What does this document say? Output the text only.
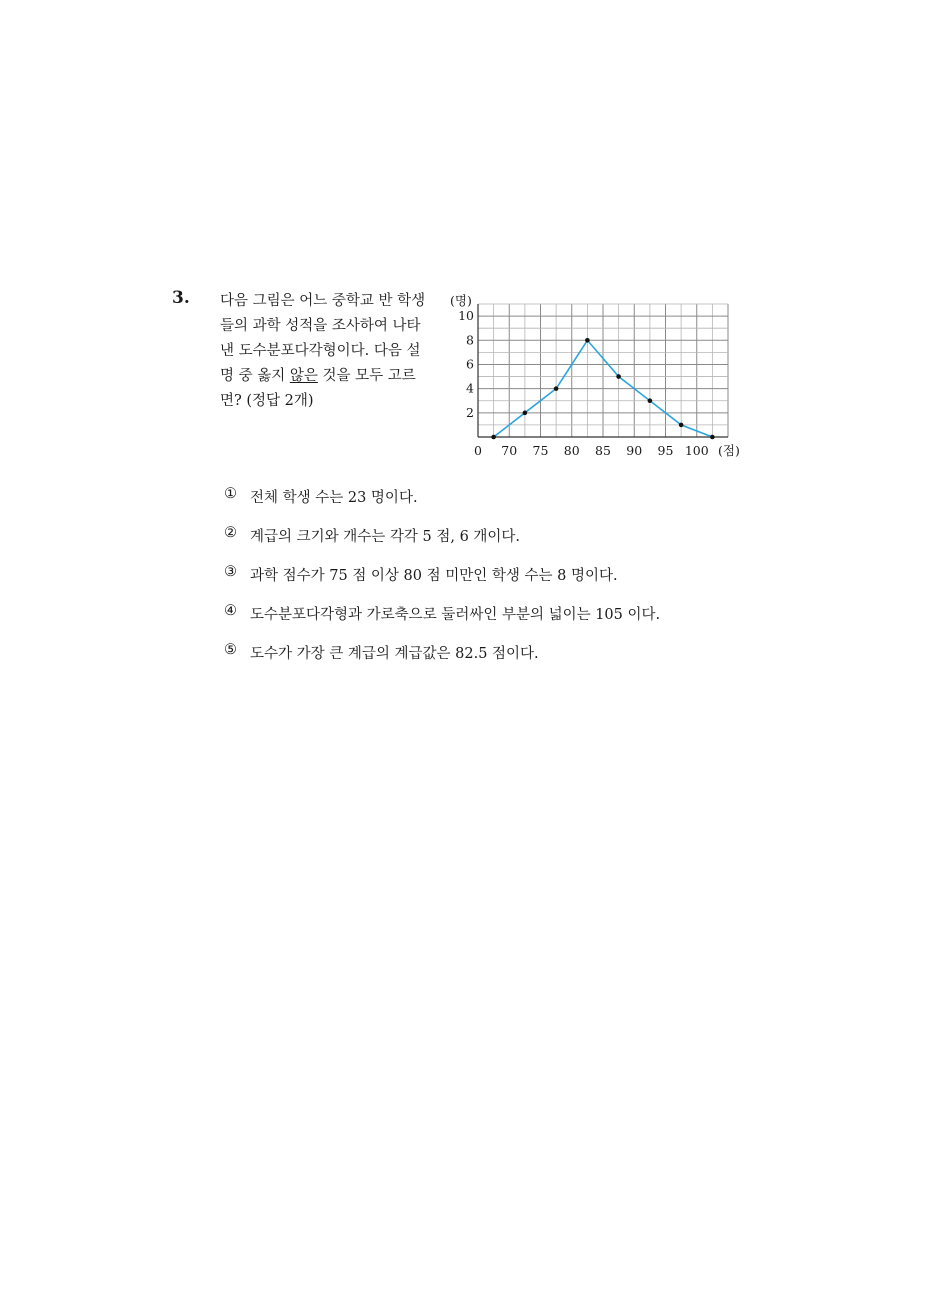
3. 다음 그림은 어느 중학교 반 학생
들의 과학 성적을 조사하여 나타
낸 도수분포다각형이다. 다음 설
명 중 옳지 않은 것을 모두 고르
면? (정답 2개)
(명)
(점)
0
2
4
6
8
10
70 75 80 85 90 95 100
① 전체 학생 수는 23 명이다.
② 계급의 크기와 개수는 각각 5 점, 6 개이다.
③ 과학 점수가 75 점 이상 80 점 미만인 학생 수는 8 명이다.
④ 도수분포다각형과 가로축으로 둘러싸인 부분의 넓이는 105 이다.
⑤ 도수가 가장 큰 계급의 계급값은 82.5 점이다.
